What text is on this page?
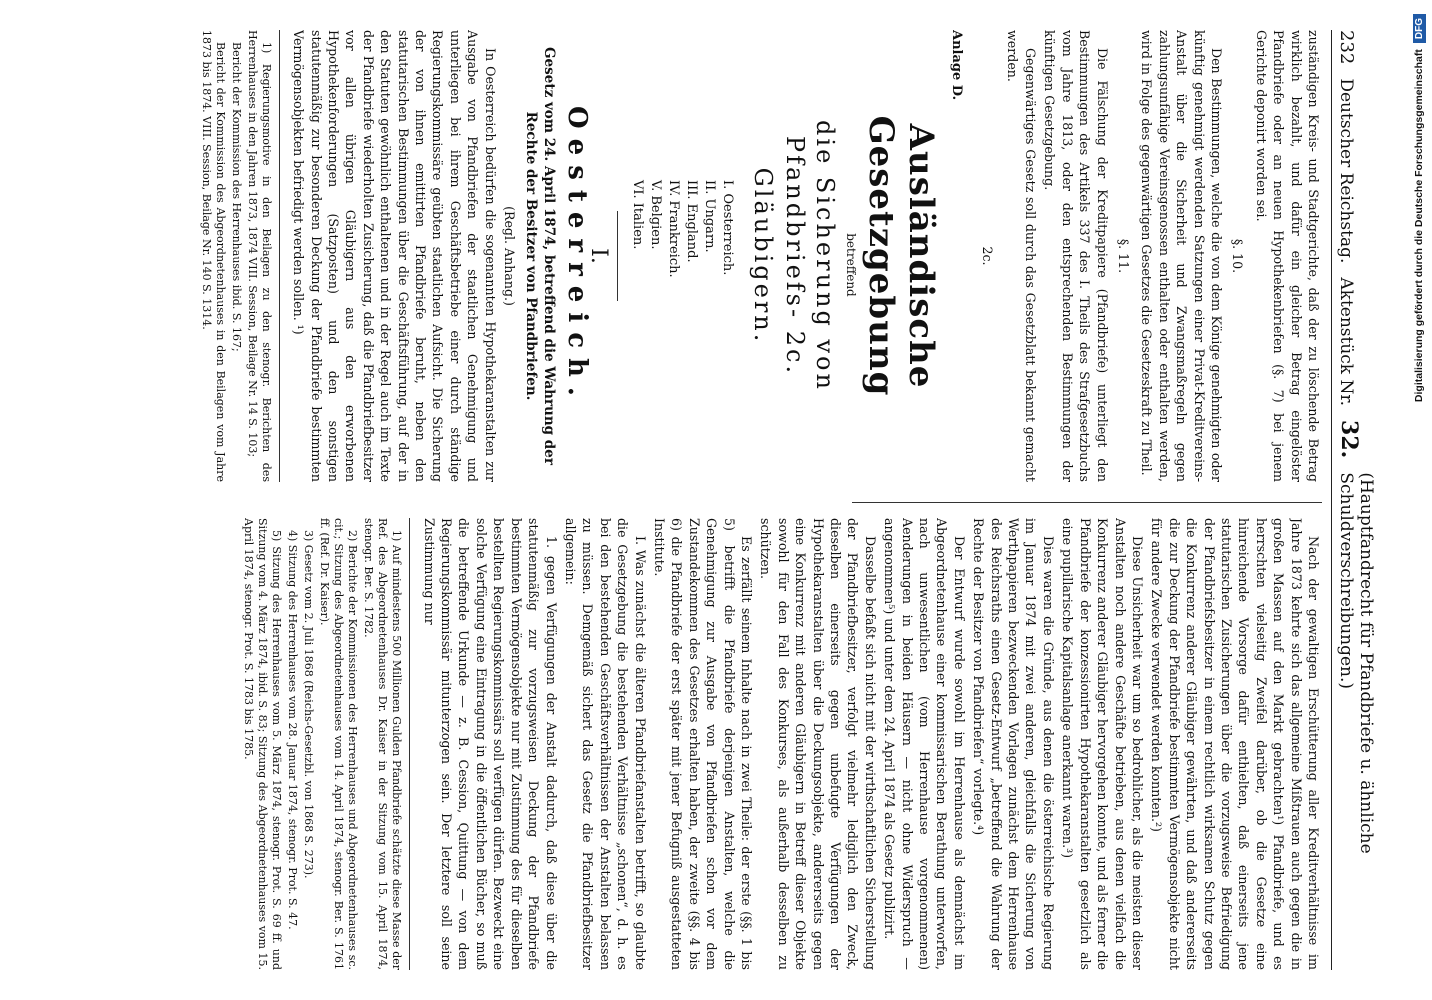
232
Deutscher Reichstag.
Aktenstück Nr.
32.
(Hauptfandrecht für Pfandbriefe u. ähnliche Schuldverschreibungen.)

zuständigen Kreis- und Stadtgerichte, daß der zu löschende Betrag wirklich bezahlt, und dafür ein gleicher Betrag eingelöster Pfandbriefe oder an neuen Hypothekenbriefen (§. 7) bei jenem Gerichte deponirt worden sei.

§. 10.

Den Bestimmungen, welche die von dem Könige genehmigten oder künftig genehmigt werdenden Satzungen einer Privat-Kreditvereins-Anstalt über die Sicherheit und Zwangsmaßregeln gegen zahlungsunfähige Vereinsgenossen enthalten oder enthalten werden, wird in Folge des gegenwärtigen Gesetzes die Gesetzeskraft zu Theil.

§. 11.

Die Fälschung der Kreditpapiere (Pfandbriefe) unterliegt den Bestimmungen des Artikels 337 des I. Theils des Strafgesetzbuchs vom Jahre 1813, oder den entsprechenden Bestimmungen der künftigen Gesetzgebung.

Gegenwärtiges Gesetz soll durch das Gesetzblatt bekannt gemacht werden.

2c.

Anlage D.

Ausländische Gesetzgebung

betreffend

die Sicherung von Pfandbriefs- 2c.
Gläubigern.
I. Oesterreich.
II. Ungarn.
III. England.
IV. Frankreich.
V. Belgien.
VI. Italien.
I.
Oesterreich.

Gesetz vom 24. April 1874, betreffend die Wahrung der Rechte der Besitzer von Pfandbriefen.

(Regl. Anhang.)

In Oesterreich bedürfen die sogenannten Hypothekaranstalten zur Ausgabe von Pfandbriefen der staatlichen Genehmigung und unterliegen bei ihrem Geschäftsbetriebe einer durch ständige Regierungskommissäre geübten staatlichen Aufsicht. Die Sicherung der von ihnen emittirten Pfandbriefe beruht, neben den statutarischen Bestimmungen über die Geschäftsführung, auf der in den Statuten gewöhnlich enthaltenen und in der Regel auch im Texte der Pfandbriefe wiederholten Zusicherung, daß die Pfandbriefbesitzer vor allen übrigen Gläubigern aus den erworbenen Hypothekenforderungen (Satzposten) und den sonstigen statutenmäßig zur besonderen Deckung der Pfandbriefe bestimmten Vermögensobjekten befriedigt werden sollen. ¹)

1) Regierungsmotive in den Beilagen zu den stenogr. Berichten des Herrenhauses in den Jahren 1873, 1874 VIII. Session, Beilage Nr. 14 S. 103;

Bericht der Kommission des Herrenhauses ibid. S. 167;

Bericht der Kommission des Abgeordnetenhauses in den Beilagen vom Jahre 1873 bis 1874. VIII. Session, Beilage Nr. 140 S. 1314.

Nach der gewaltigen Erschütterung aller Kreditverhältnisse im Jahre 1873 kehrte sich das allgemeine Mißtrauen auch gegen die in großen Massen auf den Markt gebrachten¹) Pfandbriefe, und es herrschten vielseitig Zweifel darüber, ob die Gesetze eine hinreichende Vorsorge dafür enthielten, daß einerseits jene statutarischen Zusicherungen über die vorzugsweise Befriedigung der Pfandbriefsbesitzer in einem rechtlich wirksamen Schutz gegen die Konkurrenz anderer Gläubiger gewährten, und daß andererseits die zur Deckung der Pfandbriefe bestimmten Vermögensobjekte nicht für andere Zwecke verwendet werden konnten.²)

Diese Unsicherheit war um so bedrohlicher, als die meisten dieser Anstalten noch andere Geschäfte betrieben, aus denen vielfach die Konkurrenz anderer Gläubiger hervorgehen konnte, und als ferner die Pfandbriefe der konzessionirten Hypothekaranstalten gesetzlich als eine pupillarische Kapitalsanlage anerkannt waren.³)

Dies waren die Gründe, aus denen die österreichische Regierung im Januar 1874 mit zwei anderen, gleichfalls die Sicherung von Werthpapieren bezweckenden Vorlagen zunächst dem Herrenhause des Reichsraths einen Gesetz-Entwurf „betreffend die Wahrung der Rechte der Besitzer von Pfandbriefen“ vorlegte.⁴)

Der Entwurf wurde sowohl im Herrenhause als demnächst im Abgeordnetenhause einer kommissarischen Berathung unterworfen, nach unwesentlichen (vom Herrenhause vorgenommenen) Aenderungen in beiden Häusern — nicht ohne Widerspruch — angenommen⁵) und unter dem 24. April 1874 als Gesetz publizirt.

Dasselbe befaßt sich nicht mit der wirthschaftlichen Sicherstellung der Pfandbriefbesitzer, verfolgt vielmehr lediglich den Zweck, dieselben einerseits gegen unbefugte Verfügungen der Hypothekaranstalten über die Deckungsobjekte, andererseits gegen eine Konkurrenz mit anderen Gläubigern in Betreff dieser Objekte sowohl für den Fall des Konkurses, als außerhalb desselben zu schützen.

Es zerfällt seinem Inhalte nach in zwei Theile: der erste (§§. 1 bis 5) betrifft die Pfandbriefe derjenigen Anstalten, welche die Genehmigung zur Ausgabe von Pfandbriefen schon vor dem Zustandekommen des Gesetzes erhalten haben, der zweite (§§. 4 bis 6) die Pfandbriefe der erst später mit jener Befugniß ausgestatteten Institute.

I. Was zunächst die älteren Pfandbriefanstalten betrifft, so glaubte die Gesetzgebung die bestehenden Verhältnisse „schonen“, d. h. es bei den bestehenden Geschäftsverhältnissen der Anstalten belassen zu müssen. Demgemäß sichert das Gesetz die Pfandbriefbesitzer allgemein:

1. gegen Verfügungen der Anstalt dadurch, daß diese über die statutenmäßig zur vorzugsweisen Deckung der Pfandbriefe bestimmten Vermögensobjekte nur mit Zustimmung des für dieselben bestellten Regierungskommissärs soll verfügen dürfen. Bezweckt eine solche Verfügung eine Eintragung in die öffentlichen Bücher, so muß die betreffende Urkunde — z. B. Cession, Quittung — von dem Regierungskommissär mitunterzogen sein. Der letztere soll seine Zustimmung nur

1) Auf mindestens 500 Millionen Gulden Pfandbriefe schätzte diese Masse der Ref. des Abgeordnetenhauses Dr. Kaiser in der Sitzung vom 15. April 1874, stenogr. Ber. S. 1782.

2) Berichte der Kommissionen des Herrenhauses und Abgeordnetenhauses sc. cit.; Sitzung des Abgeordnetenhauses vom 14. April 1874, stenogr. Ber. S. 1761 ff. (Ref. Dr. Kaiser).

3) Gesetz vom 2. Juli 1868 (Reichs-Gesetzbl. von 1868 S. 273).

4) Sitzung des Herrenhauses vom 28. Januar 1874, stenogr. Prot. S. 47.

5) Sitzung des Herrenhauses vom 5. März 1874, stenogr. Prot. S. 69 ff. und Sitzung vom 4. März 1874, ibid. S. 83; Sitzung des Abgeordnetenhauses vom 15. April 1874, stenogr. Prot. S. 1783 bis 1785.

Digitalisierung gefördert durch die Deutsche Forschungsgemeinschaft
DFG
